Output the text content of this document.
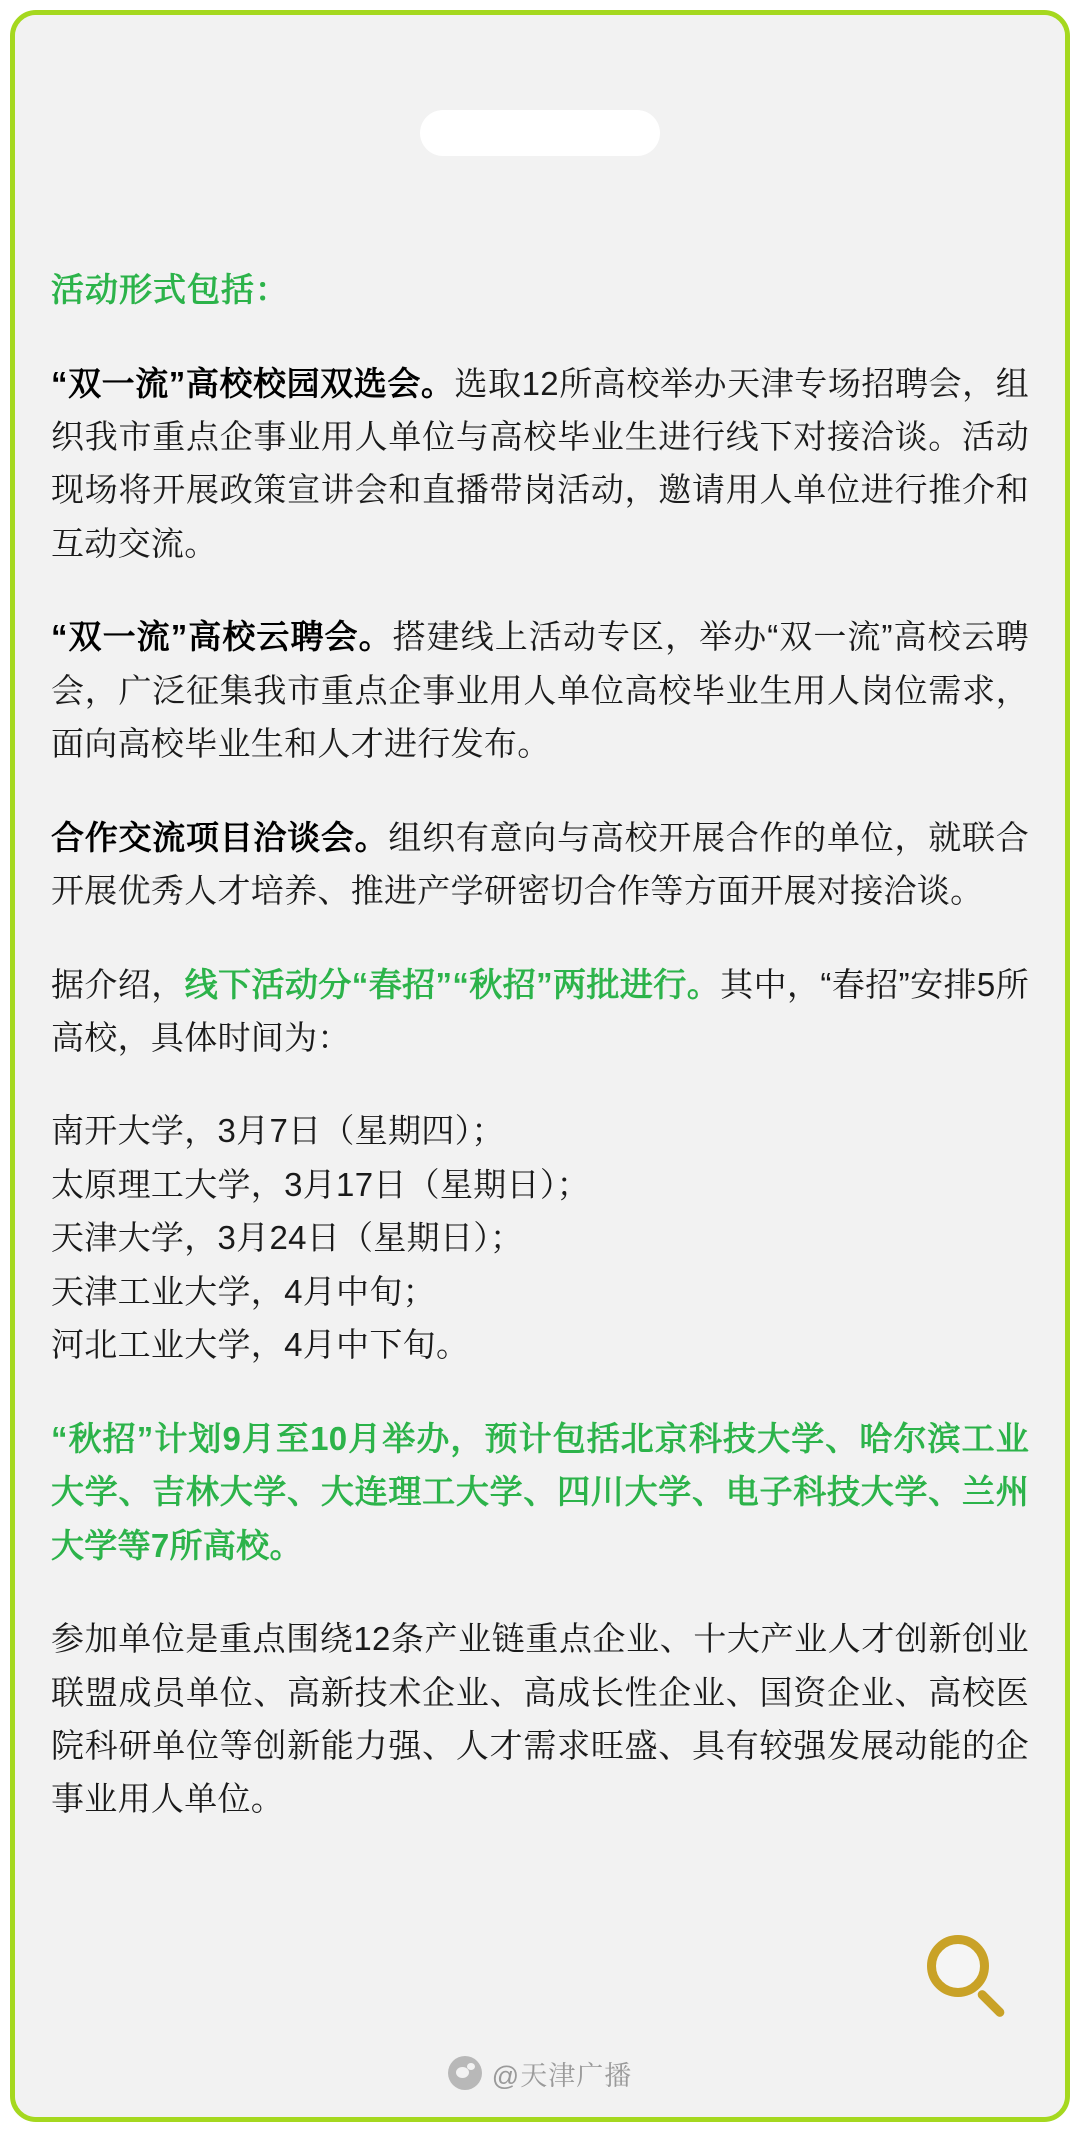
活动形式包括：

“双一流”高校校园双选会。选取12所高校举办天津专场招聘会，组织我市重点企事业用人单位与高校毕业生进行线下对接洽谈。活动现场将开展政策宣讲会和直播带岗活动，邀请用人单位进行推介和互动交流。

“双一流”高校云聘会。搭建线上活动专区，举办“双一流”高校云聘会，广泛征集我市重点企事业用人单位高校毕业生用人岗位需求，面向高校毕业生和人才进行发布。

合作交流项目洽谈会。组织有意向与高校开展合作的单位，就联合开展优秀人才培养、推进产学研密切合作等方面开展对接洽谈。

据介绍，线下活动分“春招”“秋招”两批进行。其中，“春招”安排5所高校，具体时间为：

南开大学，3月7日（星期四）；
太原理工大学，3月17日（星期日）；
天津大学，3月24日（星期日）；
天津工业大学，4月中旬；
河北工业大学，4月中下旬。

“秋招”计划9月至10月举办，预计包括北京科技大学、哈尔滨工业大学、吉林大学、大连理工大学、四川大学、电子科技大学、兰州大学等7所高校。

参加单位是重点围绕12条产业链重点企业、十大产业人才创新创业联盟成员单位、高新技术企业、高成长性企业、国资企业、高校医院科研单位等创新能力强、人才需求旺盛、具有较强发展动能的企事业用人单位。

@天津广播
